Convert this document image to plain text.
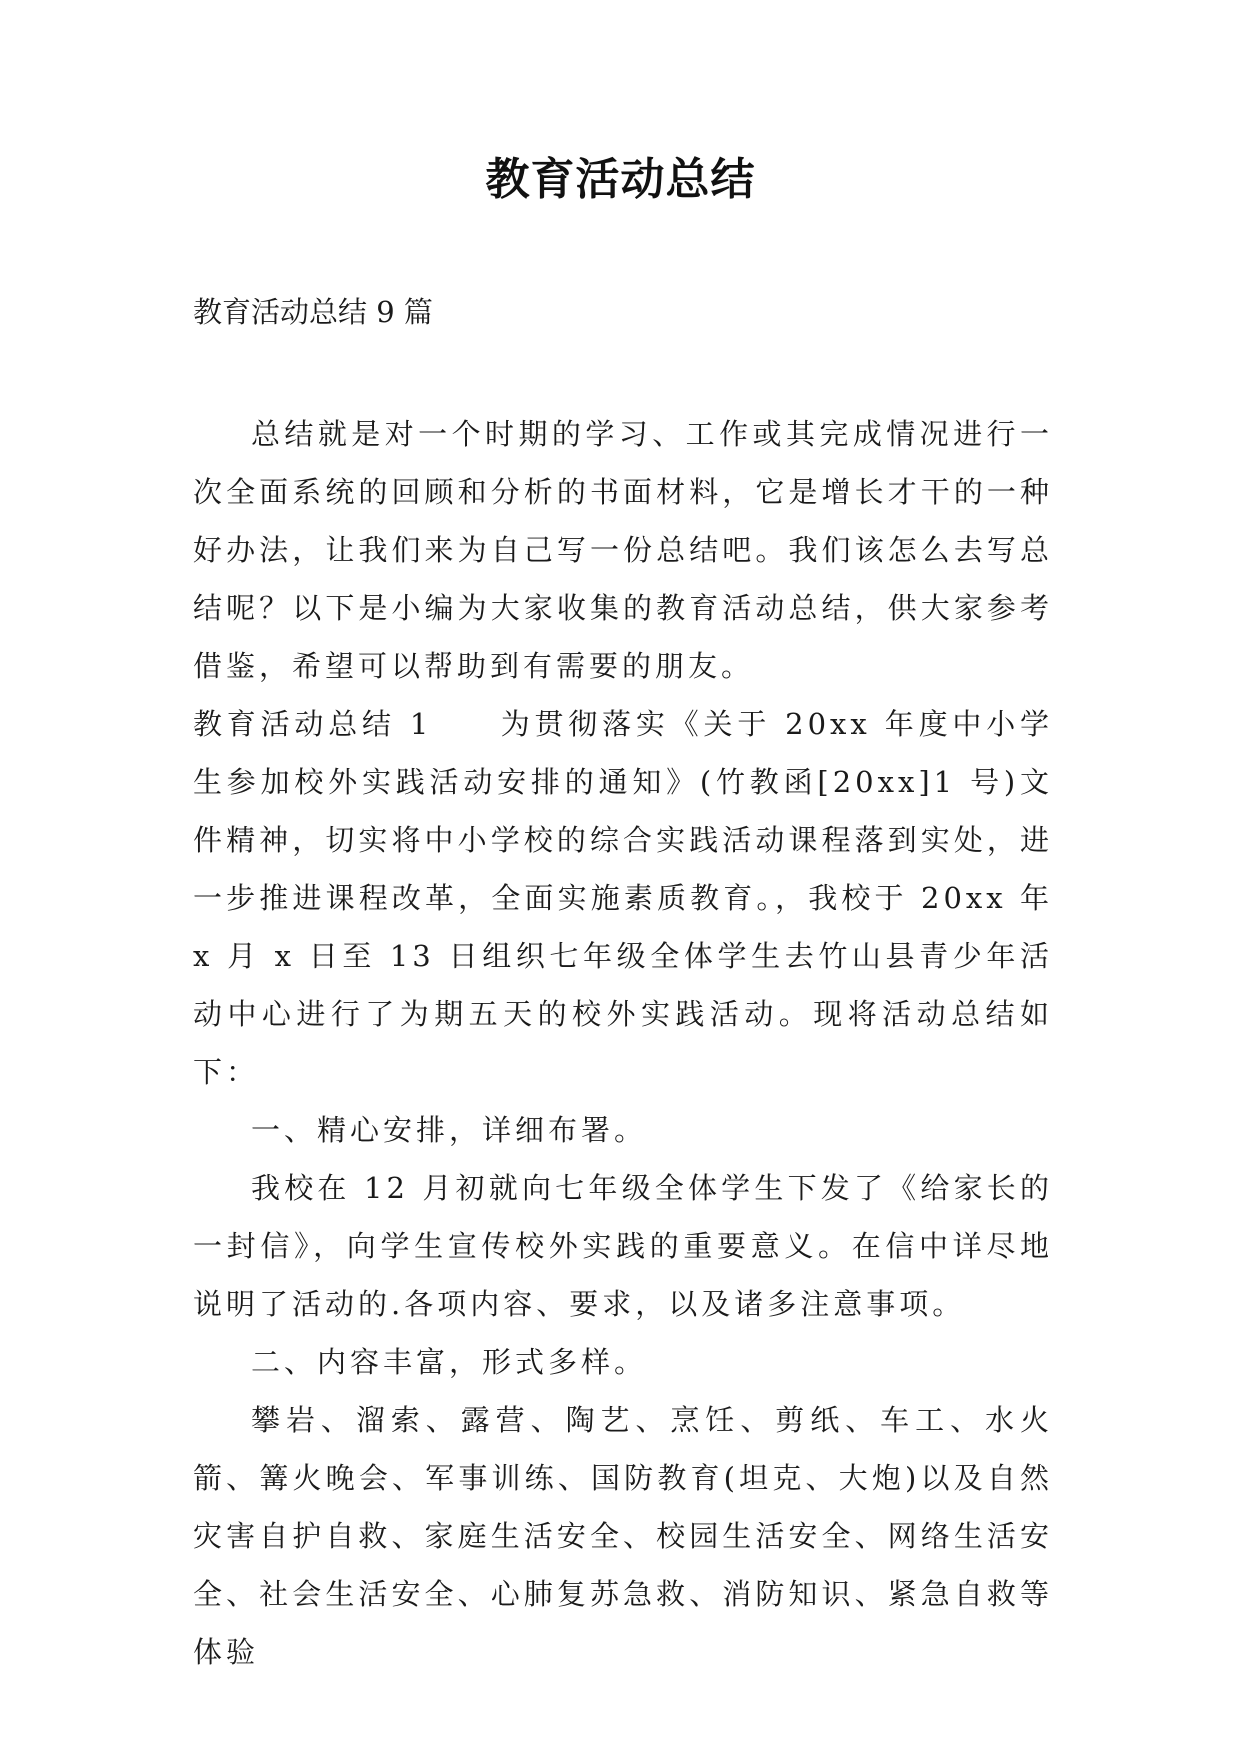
教育活动总结

教育活动总结 9 篇

总结就是对一个时期的学习、工作或其完成情况进行一次全面系统的回顾和分析的书面材料，它是增长才干的一种好办法，让我们来为自己写一份总结吧。我们该怎么去写总结呢？以下是小编为大家收集的教育活动总结，供大家参考借鉴，希望可以帮助到有需要的朋友。

教育活动总结 1　　为贯彻落实《关于 20xx 年度中小学生参加校外实践活动安排的通知》(竹教函[20xx]1 号)文件精神，切实将中小学校的综合实践活动课程落到实处，进一步推进课程改革，全面实施素质教育。，我校于 20xx 年 x 月 x 日至 13 日组织七年级全体学生去竹山县青少年活动中心进行了为期五天的校外实践活动。现将活动总结如下：

一、精心安排，详细布署。

我校在 12 月初就向七年级全体学生下发了《给家长的一封信》，向学生宣传校外实践的重要意义。在信中详尽地说明了活动的.各项内容、要求，以及诸多注意事项。

二、内容丰富，形式多样。

攀岩、溜索、露营、陶艺、烹饪、剪纸、车工、水火箭、篝火晚会、军事训练、国防教育(坦克、大炮)以及自然灾害自护自救、家庭生活安全、校园生活安全、网络生活安全、社会生活安全、心肺复苏急救、消防知识、紧急自救等体验
